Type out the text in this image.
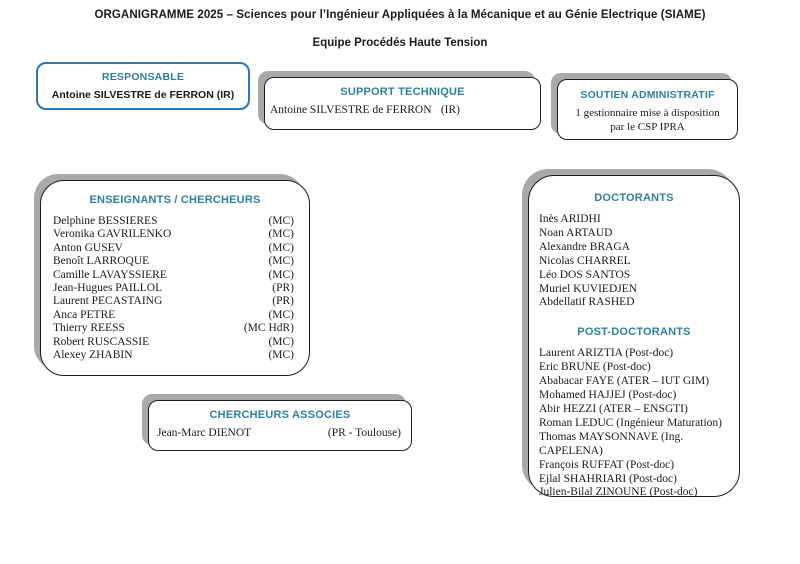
ORGANIGRAMME 2025 – Sciences pour l’Ingénieur Appliquées à la Mécanique et au Génie Electrique (SIAME)
Equipe Procédés Haute Tension
RESPONSABLE
Antoine SILVESTRE de FERRON (IR)	SUPPORT TECHNIQUE
Antoine SILVESTRE de FERRON (IR)
SOUTIEN ADMINISTRATIF
1 gestionnaire mise à disposition
par le CSP IPRA
ENSEIGNANTS / CHERCHEURS
Delphine BESSIERES	(MC)
Veronika GAVRILENKO	(MC)
Anton GUSEV	(MC)
Benoît LARROQUE	(MC)
Camille LAVAYSSIERE	(MC)
Jean-Hugues PAILLOL	(PR)
Laurent PECASTAING	(PR)
Anca PETRE	(MC)
Thierry REESS	(MC HdR)
Robert RUSCASSIE	(MC)
Alexey ZHABIN	(MC)
DOCTORANTS
Inès ARIDHI
Noan ARTAUD
Alexandre BRAGA
Nicolas CHARREL
Léo DOS SANTOS
Muriel KUVIEDJEN
Abdellatif RASHED
POST-DOCTORANTS
Laurent ARIZTIA (Post-doc)
Eric BRUNE (Post-doc)
Ababacar FAYE (ATER – IUT GIM)
Mohamed HAJJEJ (Post-doc)
Abir HEZZI (ATER – ENSGTI)
Roman LEDUC (Ingénieur Maturation)
Thomas MAYSONNAVE (Ing. CAPELENA)
François RUFFAT (Post-doc)
Ejlal SHAHRIARI (Post-doc)
Julien-Bilal ZINOUNE (Post-doc)
CHERCHEURS ASSOCIES
Jean-Marc DIENOT	(PR - Toulouse)
